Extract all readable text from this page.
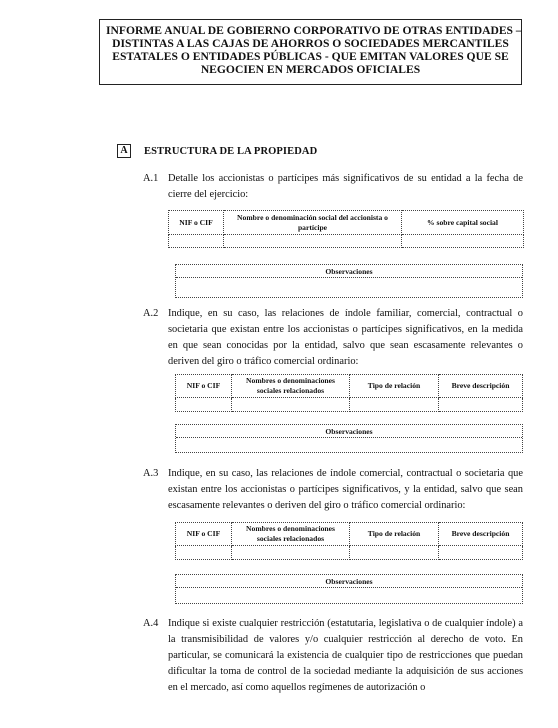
INFORME ANUAL DE GOBIERNO CORPORATIVO DE OTRAS ENTIDADES –
DISTINTAS A LAS CAJAS DE AHORROS O SOCIEDADES MERCANTILES
ESTATALES O ENTIDADES PÚBLICAS - QUE EMITAN VALORES QUE SE
NEGOCIEN EN MERCADOS OFICIALES
A	ESTRUCTURA DE LA PROPIEDAD
A.1 Detalle los accionistas o partícipes más significativos de su entidad a la fecha de cierre del ejercicio:
NIF o CIF	Nombre o denominación social del accionista o partícipe	% sobre capital social

Observaciones
A.2 Indique, en su caso, las relaciones de índole familiar, comercial, contractual o societaria que existan entre los accionistas o partícipes significativos, en la medida en que sean conocidas por la entidad, salvo que sean escasamente relevantes o deriven del giro o tráfico comercial ordinario:
NIF o CIF	Nombres o denominaciones sociales relacionados	Tipo de relación	Breve descripción

Observaciones
A.3 Indique, en su caso, las relaciones de índole comercial, contractual o societaria que existan entre los accionistas o partícipes significativos, y la entidad, salvo que sean escasamente relevantes o deriven del giro o tráfico comercial ordinario:
NIF o CIF	Nombres o denominaciones sociales relacionados	Tipo de relación	Breve descripción

Observaciones
A.4 Indique si existe cualquier restricción (estatutaria, legislativa o de cualquier índole) a la transmisibilidad de valores y/o cualquier restricción al derecho de voto. En particular, se comunicará la existencia de cualquier tipo de restricciones que puedan dificultar la toma de control de la sociedad mediante la adquisición de sus acciones en el mercado, así como aquellos regímenes de autorización o
